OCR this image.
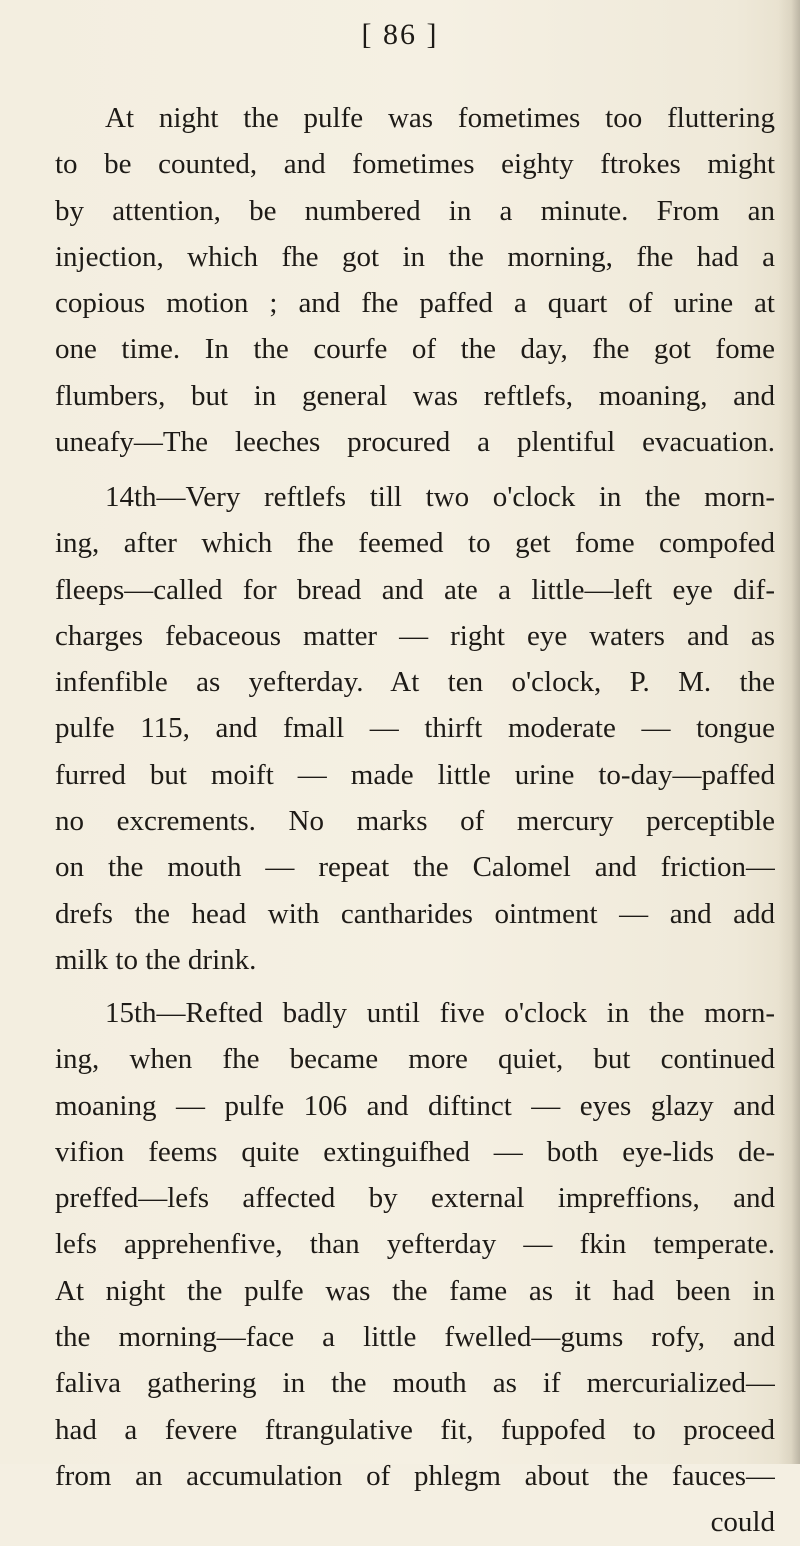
[ 86 ]
At night the pulfe was fometimes too fluttering
to be counted, and fometimes eighty ftrokes might
by attention, be numbered in a minute. From an
injection, which fhe got in the morning, fhe had a
copious motion ; and fhe paffed a quart of urine at
one time. In the courfe of the day, fhe got fome
flumbers, but in general was reftlefs, moaning, and
uneafy—The leeches procured a plentiful evacuation.
14th—Very reftlefs till two o'clock in the morn-
ing, after which fhe feemed to get fome compofed
fleeps—called for bread and ate a little—left eye dif-
charges febaceous matter — right eye waters and as
infenfible as yefterday. At ten o'clock, P. M. the
pulfe 115, and fmall — thirft moderate — tongue
furred but moift — made little urine to-day—paffed
no excrements. No marks of mercury perceptible
on the mouth — repeat the Calomel and friction—
drefs the head with cantharides ointment — and add
milk to the drink.
15th—Refted badly until five o'clock in the morn-
ing, when fhe became more quiet, but continued
moaning — pulfe 106 and diftinct — eyes glazy and
vifion feems quite extinguifhed — both eye-lids de-
preffed—lefs affected by external impreffions, and
lefs apprehenfive, than yefterday — fkin temperate.
At night the pulfe was the fame as it had been in
the morning—face a little fwelled—gums rofy, and
faliva gathering in the mouth as if mercurialized—
had a fevere ftrangulative fit, fuppofed to proceed
from an accumulation of phlegm about the fauces—
could
